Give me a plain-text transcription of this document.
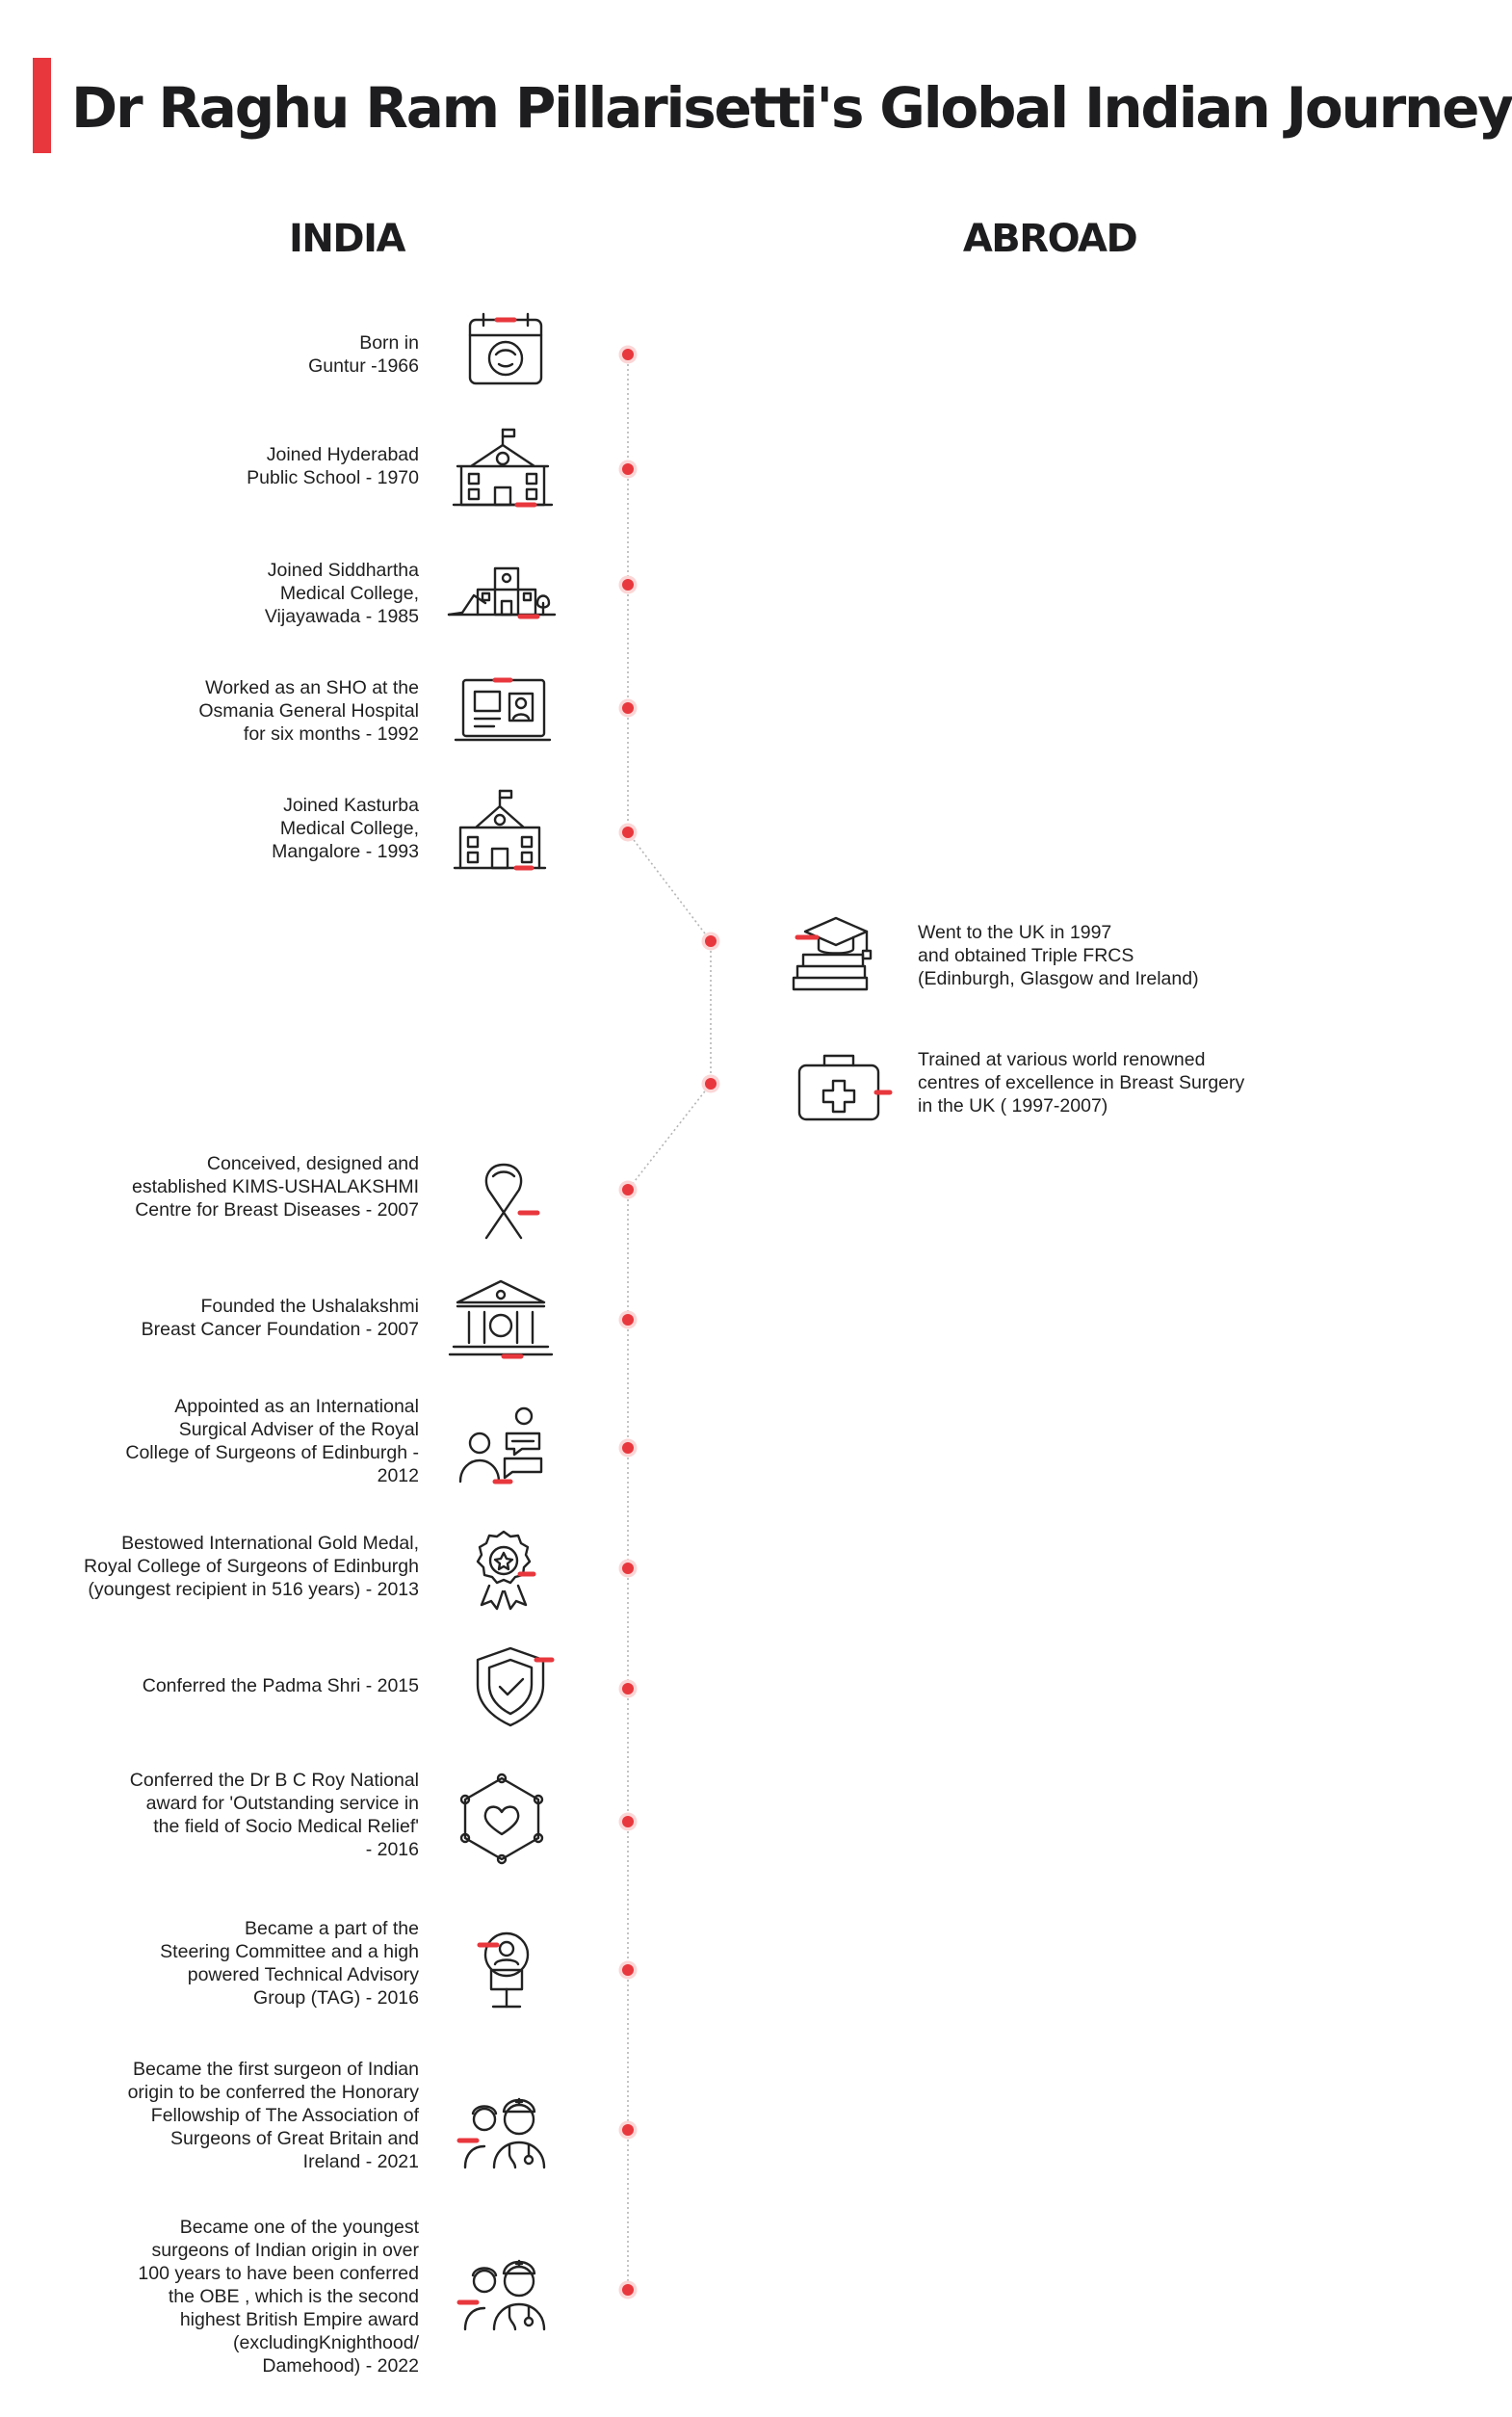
Dr Raghu Ram Pillarisetti's Global Indian Journey
INDIA	ABROAD
Born in
Guntur -1966
Joined Hyderabad
Public School - 1970
Joined Siddhartha
Medical College,
Vijayawada - 1985
Worked as an SHO at the
Osmania General Hospital
for six months - 1992
Joined Kasturba
Medical College,
Mangalore - 1993
Went to the UK in 1997
and obtained Triple FRCS
(Edinburgh, Glasgow and Ireland)
Trained at various world renowned
centres of excellence in Breast Surgery
in the UK ( 1997-2007)
Conceived, designed and
established KIMS-USHALAKSHMI
Centre for Breast Diseases - 2007
Founded the Ushalakshmi
Breast Cancer Foundation - 2007
Appointed as an International
Surgical Adviser of the Royal
College of Surgeons of Edinburgh -
2012
Bestowed International Gold Medal,
Royal College of Surgeons of Edinburgh
(youngest recipient in 516 years) - 2013
Conferred the Padma Shri - 2015
Conferred the Dr B C Roy National
award for 'Outstanding service in
the field of Socio Medical Relief'
- 2016
Became a part of the
Steering Committee and a high
powered Technical Advisory
Group (TAG) - 2016
Became the first surgeon of Indian
origin to be conferred the Honorary
Fellowship of The Association of
Surgeons of Great Britain and
Ireland - 2021
Became one of the youngest
surgeons of Indian origin in over
100 years to have been conferred
the OBE , which is the second
highest British Empire award
(excludingKnighthood/
Damehood) - 2022
